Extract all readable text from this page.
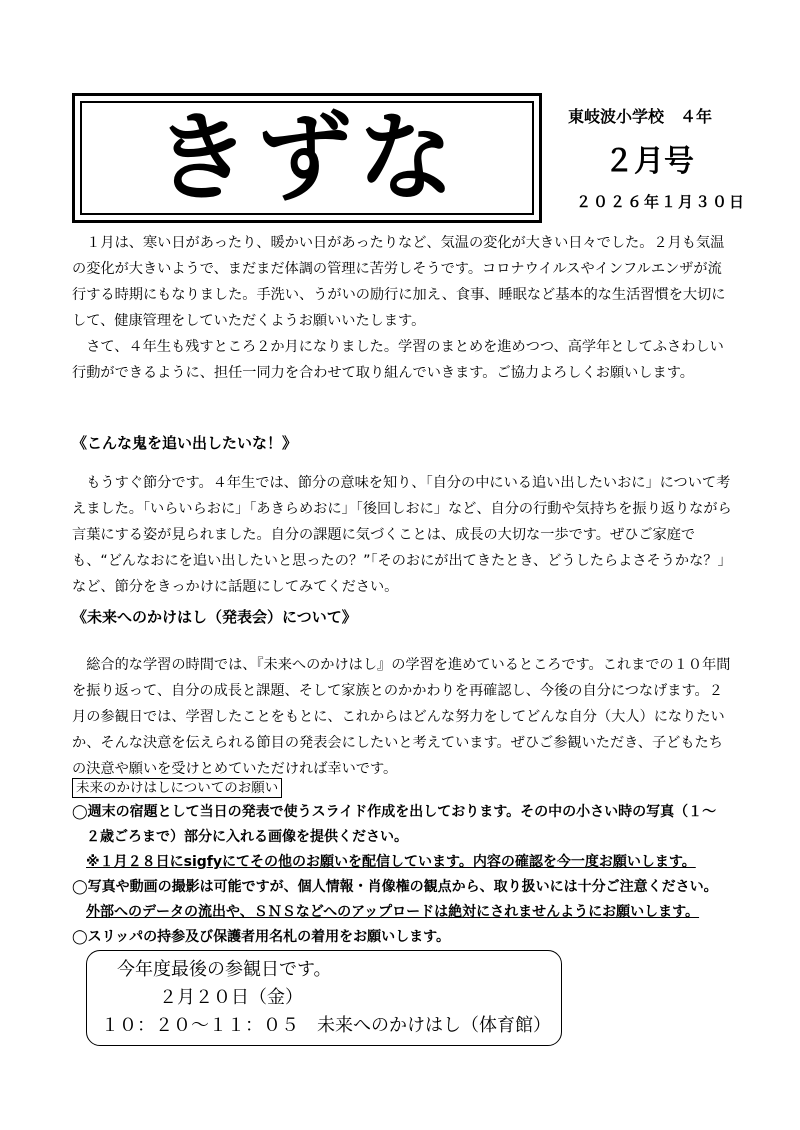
きずな	東岐波小学校　４年
２月号
２０２６年１月３０日

　１月は、寒い日があったり、暖かい日があったりなど、気温の変化が大きい日々でした。２月も気温の変化が大きいようで、まだまだ体調の管理に苦労しそうです。コロナウイルスやインフルエンザが流行する時期にもなりました。手洗い、うがいの励行に加え、食事、睡眠など基本的な生活習慣を大切にして、健康管理をしていただくようお願いいたします。

　さて、４年生も残すところ２か月になりました。学習のまとめを進めつつ、高学年としてふさわしい行動ができるように、担任一同力を合わせて取り組んでいきます。ご協力よろしくお願いします。

《こんな鬼を追い出したいな！》

　もうすぐ節分です。４年生では、節分の意味を知り、「自分の中にいる追い出したいおに」について考えました。「いらいらおに」「あきらめおに」「後回しおに」など、自分の行動や気持ちを振り返りながら言葉にする姿が見られました。自分の課題に気づくことは、成長の大切な一歩です。ぜひご家庭でも、“どんなおにを追い出したいと思ったの？”「そのおにが出てきたとき、どうしたらよさそうかな？」など、節分をきっかけに話題にしてみてください。

《未来へのかけはし（発表会）について》

　総合的な学習の時間では、『未来へのかけはし』の学習を進めているところです。これまでの１０年間を振り返って、自分の成長と課題、そして家族とのかかわりを再確認し、今後の自分につなげます。２月の参観日では、学習したことをもとに、これからはどんな努力をしてどんな自分（大人）になりたいか、そんな決意を伝えられる節目の発表会にしたいと考えています。ぜひご参観いただき、子どもたちの決意や願いを受けとめていただければ幸いです。

未来のかけはしについてのお願い

◯週末の宿題として当日の発表で使うスライド作成を出しております。その中の小さい時の写真（１～

　２歳ごろまで）部分に入れる画像を提供ください。

※１月２８日にsigfyにてその他のお願いを配信しています。内容の確認を今一度お願いします。

◯写真や動画の撮影は可能ですが、個人情報・肖像権の観点から、取り扱いには十分ご注意ください。

外部へのデータの流出や、ＳＮＳなどへのアップロードは絶対にされませんようにお願いします。

◯スリッパの持参及び保護者用名札の着用をお願いします。

今年度最後の参観日です。
２月２０日（金）
１０：２０～１１：０５　未来へのかけはし（体育館）
